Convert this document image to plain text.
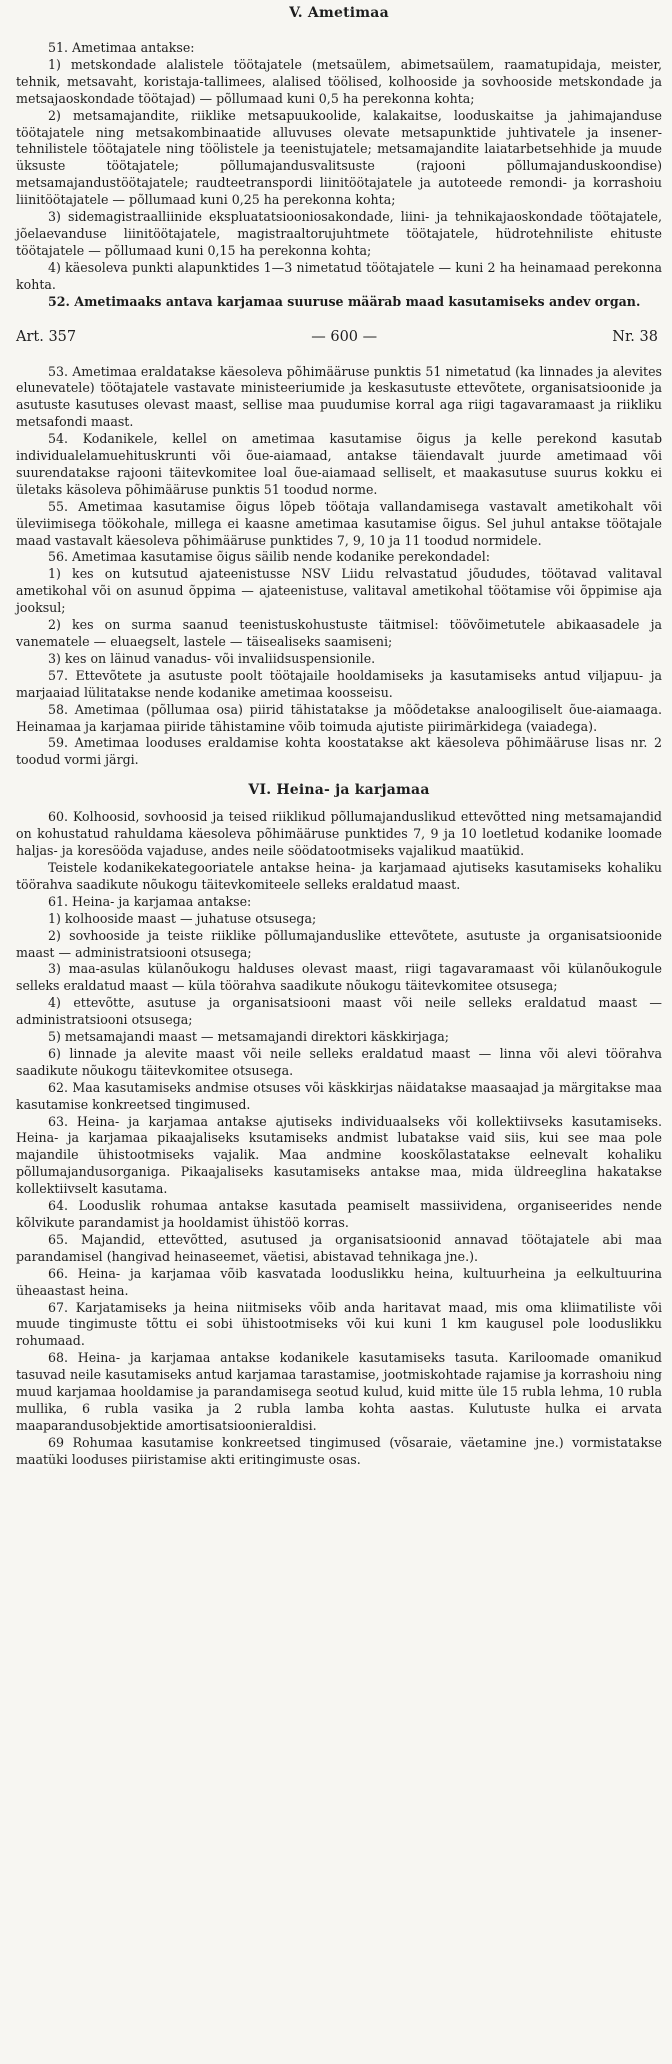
V. Ametimaa

51. Ametimaa antakse:

1) metskondade alalistele töötajatele (metsaülem, abimetsaülem, raamatupidaja, meister, tehnik, metsavaht, koristaja-tallimees, alalised töölised, kolhooside ja sovhooside metskondade ja metsajaoskondade töötajad) — põllumaad kuni 0,5 ha perekonna kohta;

2) metsamajandite, riiklike metsapuukoolide, kalakaitse, looduskaitse ja jahimajanduse töötajatele ning metsakombinaatide alluvuses olevate metsapunktide juhtivatele ja insener-tehnilistele töötajatele ning töölistele ja teenistujatele; metsamajandite laiatarbetsehhide ja muude üksuste töötajatele; põllumajandusvalitsuste (rajooni põllumajanduskoondise) metsamajandustöötajatele; raudteetranspordi liinitöötajatele ja autoteede remondi- ja korrashoiu liinitöötajatele — põllumaad kuni 0,25 ha perekonna kohta;

3) sidemagistraalliinide ekspluatatsiooniosakondade, liini- ja tehnikajaoskondade töötajatele, jõelaevanduse liinitöötajatele, magistraaltorujuhtmete töötajatele, hüdrotehniliste ehituste töötajatele — põllumaad kuni 0,15 ha perekonna kohta;

4) käesoleva punkti alapunktides 1—3 nimetatud töötajatele — kuni 2 ha heinamaad perekonna kohta.

52. Ametimaaks antava karjamaa suuruse määrab maad kasutamiseks andev organ.

Art. 357	— 600 —	Nr. 38

53. Ametimaa eraldatakse käesoleva põhimääruse punktis 51 nimetatud (ka linnades ja alevites elunevatele) töötajatele vastavate ministeeriumide ja keskasutuste ettevõtete, organisatsioonide ja asutuste kasutuses olevast maast, sellise maa puudumise korral aga riigi tagavaramaast ja riikliku metsafondi maast.

54. Kodanikele, kellel on ametimaa kasutamise õigus ja kelle perekond kasutab individualelamuehituskrunti või õue-aiamaad, antakse täiendavalt juurde ametimaad või suurendatakse rajooni täitevkomitee loal õue-aiamaad selliselt, et maakasutuse suurus kokku ei ületaks käsoleva põhimääruse punktis 51 toodud norme.

55. Ametimaa kasutamise õigus lõpeb töötaja vallandamisega vastavalt ametikohalt või üleviimisega töökohale, millega ei kaasne ametimaa kasutamise õigus. Sel juhul antakse töötajale maad vastavalt käesoleva põhimääruse punktides 7, 9, 10 ja 11 toodud normidele.

56. Ametimaa kasutamise õigus säilib nende kodanike perekondadel:

1) kes on kutsutud ajateenistusse NSV Liidu relvastatud jõududes, töötavad valitaval ametikohal või on asunud õppima — ajateenistuse, valitaval ametikohal töötamise või õppimise aja jooksul;

2) kes on surma saanud teenistuskohustuste täitmisel: töövõimetutele abikaasadele ja vanematele — eluaegselt, lastele — täisealiseks saamiseni;

3) kes on läinud vanadus- või invaliidsuspensionile.

57. Ettevõtete ja asutuste poolt töötajaile hooldamiseks ja kasutamiseks antud viljapuu- ja marjaaiad lülitatakse nende kodanike ametimaa koosseisu.

58. Ametimaa (põllumaa osa) piirid tähistatakse ja mõõdetakse analoogiliselt õue-aiamaaga. Heinamaa ja karjamaa piiride tähistamine võib toimuda ajutiste piirimärkidega (vaiadega).

59. Ametimaa looduses eraldamise kohta koostatakse akt käesoleva põhimääruse lisas nr. 2 toodud vormi järgi.

VI. Heina- ja karjamaa

60. Kolhoosid, sovhoosid ja teised riiklikud põllumajanduslikud ettevõtted ning metsamajandid on kohustatud rahuldama käesoleva põhimääruse punktides 7, 9 ja 10 loetletud kodanike loomade haljas- ja koresööda vajaduse, andes neile söödatootmiseks vajalikud maatükid.

Teistele kodanikekategooriatele antakse heina- ja karjamaad ajutiseks kasutamiseks kohaliku töörahva saadikute nõukogu täitevkomiteele selleks eraldatud maast.

61. Heina- ja karjamaa antakse:

1) kolhooside maast — juhatuse otsusega;

2) sovhooside ja teiste riiklike põllumajanduslike ettevõtete, asutuste ja organisatsioonide maast — administratsiooni otsusega;

3) maa-asulas külanõukogu halduses olevast maast, riigi tagavaramaast või külanõukogule selleks eraldatud maast — küla töörahva saadikute nõukogu täitevkomitee otsusega;

4) ettevõtte, asutuse ja organisatsiooni maast või neile selleks eraldatud maast — administratsiooni otsusega;

5) metsamajandi maast — metsamajandi direktori käskkirjaga;

6) linnade ja alevite maast või neile selleks eraldatud maast — linna või alevi töörahva saadikute nõukogu täitevkomitee otsusega.

62. Maa kasutamiseks andmise otsuses või käskkirjas näidatakse maasaajad ja märgitakse maa kasutamise konkreetsed tingimused.

63. Heina- ja karjamaa antakse ajutiseks individuaalseks või kollektiivseks kasutamiseks. Heina- ja karjamaa pikaajaliseks ksutamiseks andmist lubatakse vaid siis, kui see maa pole majandile ühistootmiseks vajalik. Maa andmine kooskõlastatakse eelnevalt kohaliku põllumajandusorganiga. Pikaajaliseks kasutamiseks antakse maa, mida üldreeglina hakatakse kollektiivselt kasutama.

64. Looduslik rohumaa antakse kasutada peamiselt massiividena, organiseerides nende kõlvikute parandamist ja hooldamist ühistöö korras.

65. Majandid, ettevõtted, asutused ja organisatsioonid annavad töötajatele abi maa parandamisel (hangivad heinaseemet, väetisi, abistavad tehnikaga jne.).

66. Heina- ja karjamaa võib kasvatada looduslikku heina, kultuurheina ja eelkultuurina üheaastast heina.

67. Karjatamiseks ja heina niitmiseks võib anda haritavat maad, mis oma kliimatiliste või muude tingimuste tõttu ei sobi ühistootmiseks või kui kuni 1 km kaugusel pole looduslikku rohumaad.

68. Heina- ja karjamaa antakse kodanikele kasutamiseks tasuta. Kariloomade omanikud tasuvad neile kasutamiseks antud karjamaa tarastamise, jootmiskohtade rajamise ja korrashoiu ning muud karjamaa hooldamise ja parandamisega seotud kulud, kuid mitte üle 15 rubla lehma, 10 rubla mullika, 6 rubla vasika ja 2 rubla lamba kohta aastas. Kulutuste hulka ei arvata maaparandusobjektide amortisatsioonieraldisi.

69 Rohumaa kasutamise konkreetsed tingimused (võsaraie, väetamine jne.) vormistatakse maatüki looduses piiristamise akti eritingimuste osas.
